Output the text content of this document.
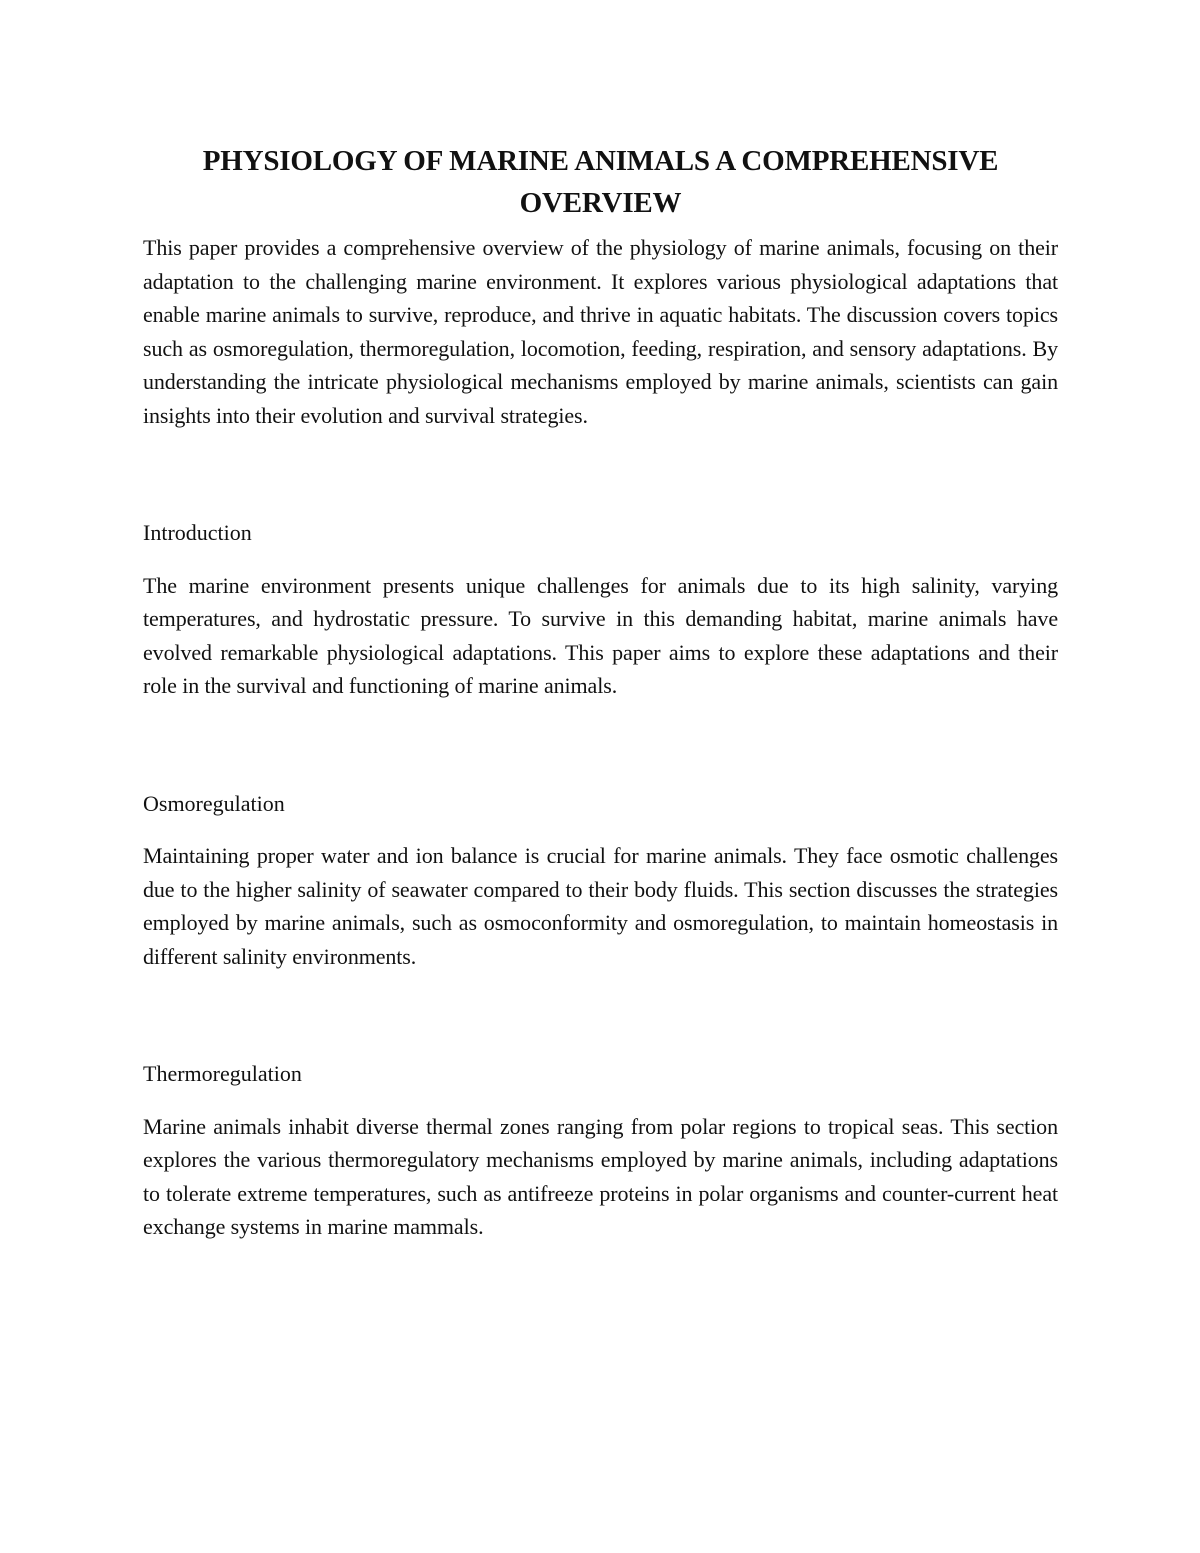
PHYSIOLOGY OF MARINE ANIMALS A COMPREHENSIVE OVERVIEW

This paper provides a comprehensive overview of the physiology of marine animals, focusing on their adaptation to the challenging marine environment. It explores various physiological adaptations that enable marine animals to survive, reproduce, and thrive in aquatic habitats. The discussion covers topics such as osmoregulation, thermoregulation, locomotion, feeding, respiration, and sensory adaptations. By understanding the intricate physiological mechanisms employed by marine animals, scientists can gain insights into their evolution and survival strategies.

Introduction

The marine environment presents unique challenges for animals due to its high salinity, varying temperatures, and hydrostatic pressure. To survive in this demanding habitat, marine animals have evolved remarkable physiological adaptations. This paper aims to explore these adaptations and their role in the survival and functioning of marine animals.

Osmoregulation

Maintaining proper water and ion balance is crucial for marine animals. They face osmotic challenges due to the higher salinity of seawater compared to their body fluids. This section discusses the strategies employed by marine animals, such as osmoconformity and osmoregulation, to maintain homeostasis in different salinity environments.

Thermoregulation

Marine animals inhabit diverse thermal zones ranging from polar regions to tropical seas. This section explores the various thermoregulatory mechanisms employed by marine animals, including adaptations to tolerate extreme temperatures, such as antifreeze proteins in polar organisms and counter-current heat exchange systems in marine mammals.
